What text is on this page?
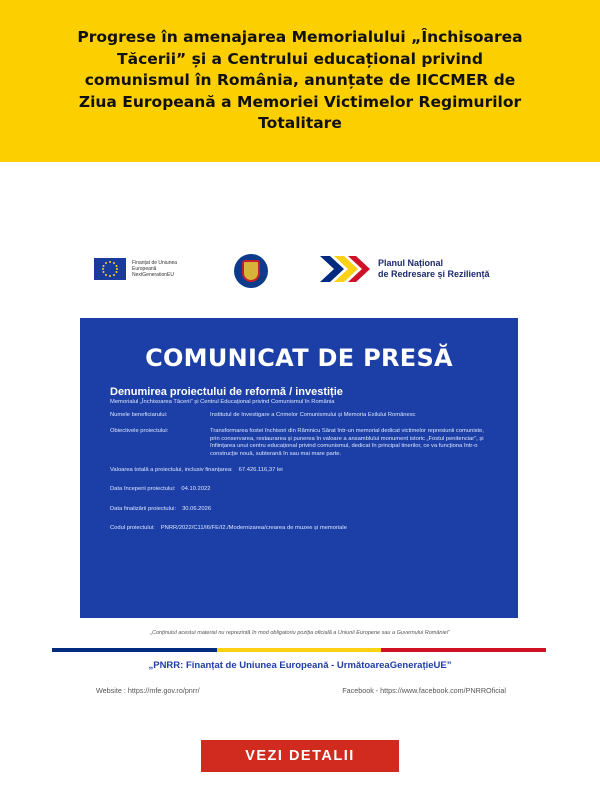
Progrese în amenajarea Memorialului „Închisoarea Tăcerii” și a Centrului educațional privind comunismul în România, anunțate de IICCMER de Ziua Europeană a Memoriei Victimelor Regimurilor Totalitare
Finanțat de Uniunea Europeană NextGenerationEU
Planul Național
de Redresare și Reziliență
COMUNICAT DE PRESĂ
Denumirea proiectului de reformă / investiție
Memorialul „Închisoarea Tăcerii” și Centrul Educațional privind Comunismul în România
Numele beneficiarului:	Institutul de Investigare a Crimelor Comunismului și Memoria Exilului Românesc
Obiectivele proiectului:	Transformarea fostei închisori din Râmnicu Sărat într-un memorial dedicat victimelor represiunii comuniste, prin conservarea, restaurarea și punerea în valoare a ansamblului monument istoric „Fostul penitenciar”, și înființarea unui centru educațional privind comunismul, dedicat în principal tinerilor, ce va funcționa într-o construcție nouă, subterană în sau mai mare parte.
Valoarea totală a proiectului, inclusiv finanțarea: 67.426.116,37 lei
Data începerii proiectului: 04.10.2022
Data finalizării proiectului: 30.06.2026
Codul proiectului: PNRR/2022/C11/I6/FE/I2./Modernizarea/crearea de muzee și memoriale
„Conținutul acestui material nu reprezintă în mod obligatoriu poziția oficială a Uniunii Europene sau a Guvernului României”
„PNRR: Finanțat de Uniunea Europeană - UrmătoareaGenerațieUE”
Website : https://mfe.gov.ro/pnrr/	Facebook - https://www.facebook.com/PNRROficial
VEZI DETALII
